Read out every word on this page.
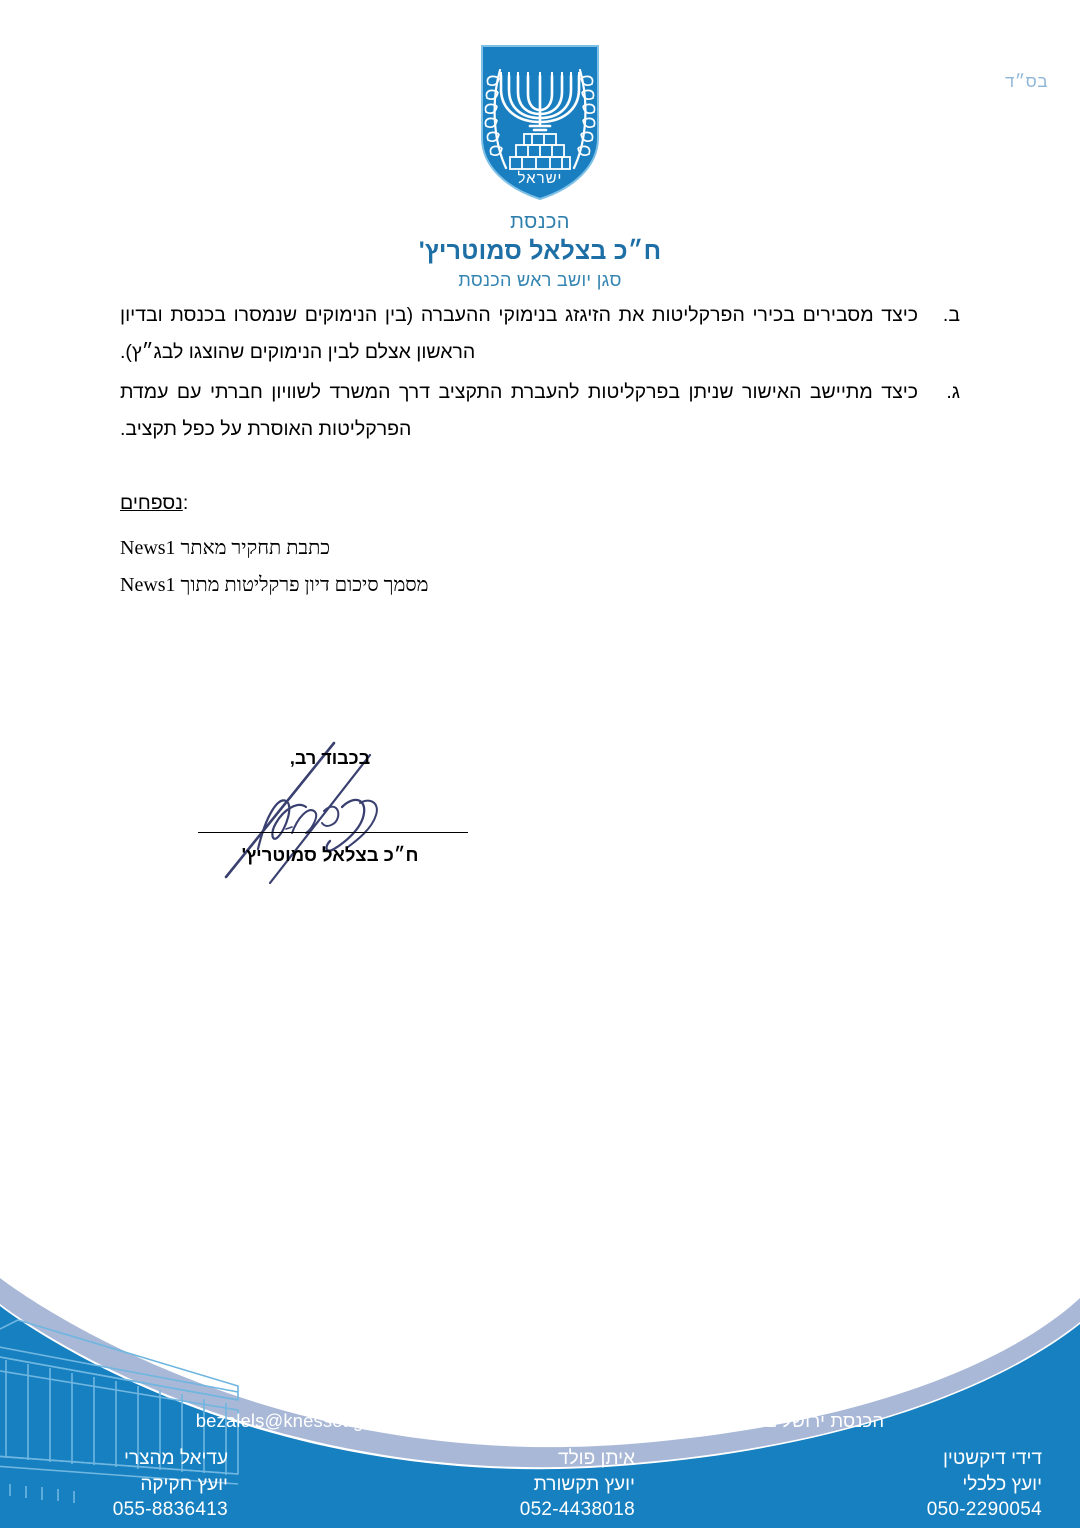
בס״ד
ישראל
הכנסת
ח״כ בצלאל סמוטריץ'
סגן יושב ראש הכנסת
ב.
כיצד מסבירים בכירי הפרקליטות את הזיגזג בנימוקי ההעברה (בין הנימוקים שנמסרו בכנסת ובדיון הראשון אצלם לבין הנימוקים שהוצגו לבג״ץ).
ג.
כיצד מתיישב האישור שניתן בפרקליטות להעברת התקציב דרך המשרד לשוויון חברתי עם עמדת הפרקליטות האוסרת על כפל תקציב.
:נספחים
כתבת תחקיר מאתר News1
מסמך סיכום דיון פרקליטות מתוך News1
בכבוד רב,
ח״כ בצלאל סמוטריץ'
הכנסת ירושלים 91950. טל' 02-6408024, פקס: 02-6408375 | bezalels@knesset.gov.il
עדיאל מהצרי
יועץ חקיקה
055-8836413
איתן פולד
יועץ תקשורת
052-4438018
דידי דיקשטין
יועץ כלכלי
050-2290054
